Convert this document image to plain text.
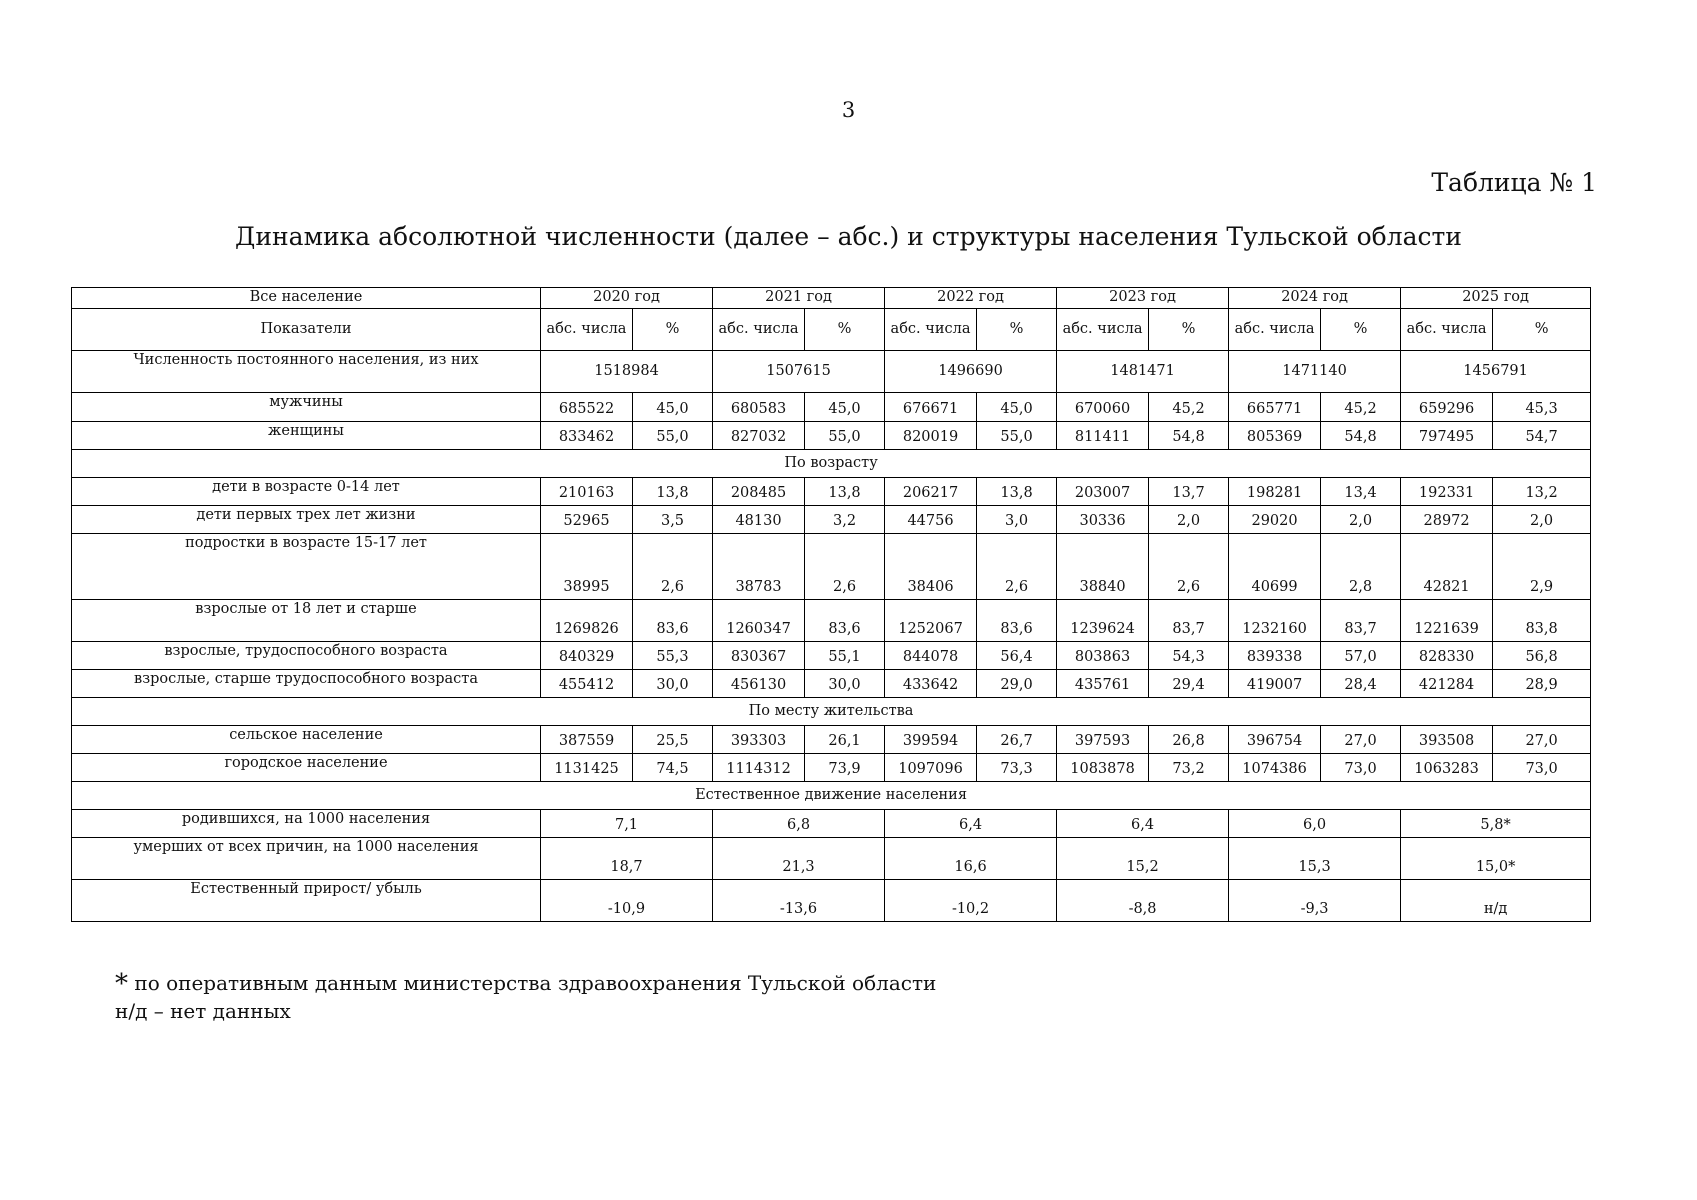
3
Таблица № 1
Динамика абсолютной численности (далее – абс.) и структуры населения Тульской области
Все население	2020 год		2021 год		2022 год		2023 год		2024 год		2025 год	
Показатели	абс. числа	%	абс. числа	%	абс. числа	%	абс. числа	%	абс. числа	%	абс. числа	%
Численность постоянного населения, из них	1518984		1507615		1496690		1481471		1471140		1456791	
мужчины	685522	45,0	680583	45,0	676671	45,0	670060	45,2	665771	45,2	659296	45,3
женщины	833462	55,0	827032	55,0	820019	55,0	811411	54,8	805369	54,8	797495	54,7
По возрасту												
дети в возрасте 0-14 лет	210163	13,8	208485	13,8	206217	13,8	203007	13,7	198281	13,4	192331	13,2
дети первых трех лет жизни	52965	3,5	48130	3,2	44756	3,0	30336	2,0	29020	2,0	28972	2,0
подростки в возрасте 15-17 лет	38995	2,6	38783	2,6	38406	2,6	38840	2,6	40699	2,8	42821	2,9
взрослые от 18 лет и старше	1269826	83,6	1260347	83,6	1252067	83,6	1239624	83,7	1232160	83,7	1221639	83,8
взрослые, трудоспособного возраста	840329	55,3	830367	55,1	844078	56,4	803863	54,3	839338	57,0	828330	56,8
взрослые, старше трудоспособного возраста	455412	30,0	456130	30,0	433642	29,0	435761	29,4	419007	28,4	421284	28,9
По месту жительства												
сельское население	387559	25,5	393303	26,1	399594	26,7	397593	26,8	396754	27,0	393508	27,0
городское население	1131425	74,5	1114312	73,9	1097096	73,3	1083878	73,2	1074386	73,0	1063283	73,0
Естественное движение населения												
родившихся, на 1000 населения	7,1		6,8		6,4		6,4		6,0		5,8*	
умерших от всех причин, на 1000 населения	18,7		21,3		16,6		15,2		15,3		15,0*	
Естественный прирост/ убыль	-10,9		-13,6		-10,2		-8,8		-9,3		н/д	
* по оперативным данным министерства здравоохранения Тульской области
н/д – нет данных
